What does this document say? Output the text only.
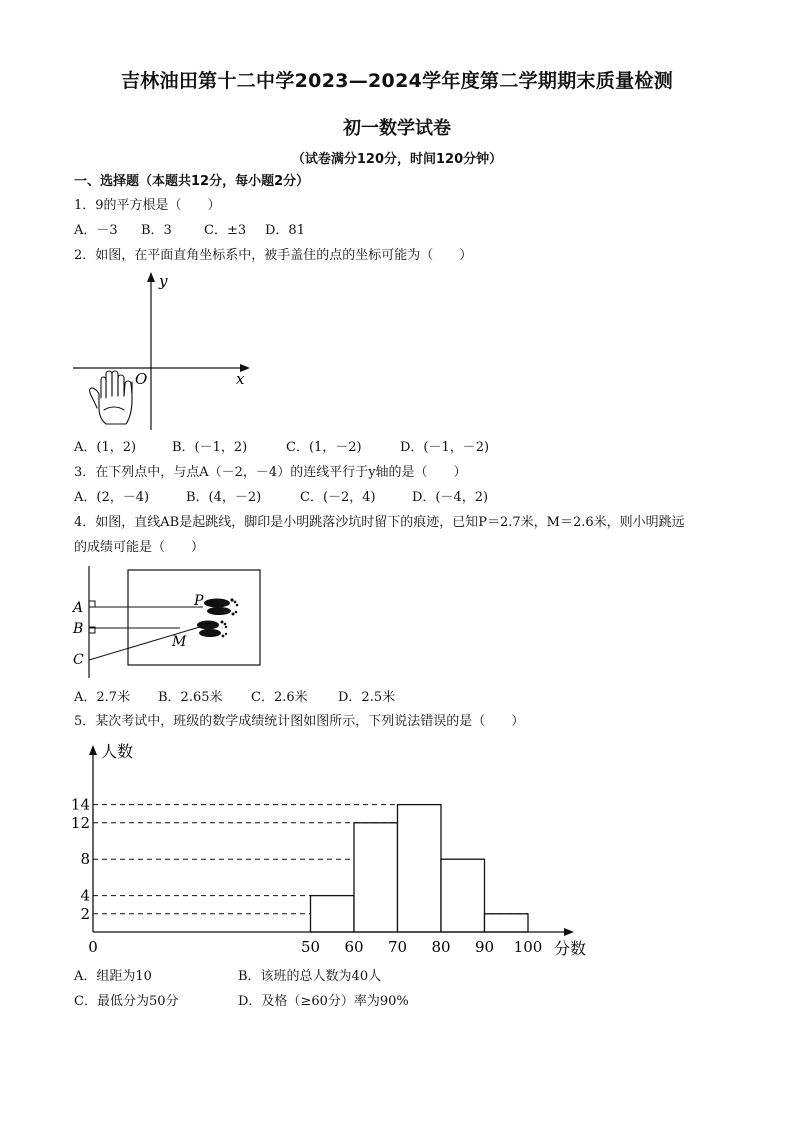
吉林油田第十二中学2023—2024学年度第二学期期末质量检测
初一数学试卷
（试卷满分120分，时间120分钟）
一、选择题（本题共12分，每小题2分）
1．9的平方根是（　　）
A．－3 B．3 C．±3 D．81
2．如图，在平面直角坐标系中，被手盖住的点的坐标可能为（　　）
y
x
O
A．(1，2)	B．(－1，2)	C．(1，－2)	D．(－1，－2)
3．在下列点中，与点A（－2，－4）的连线平行于y轴的是（　　）
A．(2，－4)	B．(4，－2)	C．(－2，4)	D．(－4，2)
4．如图，直线AB是起跳线，脚印是小明跳落沙坑时留下的痕迹，已知P＝2.7米，M＝2.6米，则小明跳远
的成绩可能是（　　）
A
B
C
P
M
A．2.7米 B．2.65米 C．2.6米 D．2.5米
5．某次考试中，班级的数学成绩统计图如图所示，下列说法错误的是（　　）
0	50 60 70 80 90 100
2
4
8
12
14
人数
分数
A．组距为10	B．该班的总人数为40人
C．最低分为50分	D．及格（≥60分）率为90%
